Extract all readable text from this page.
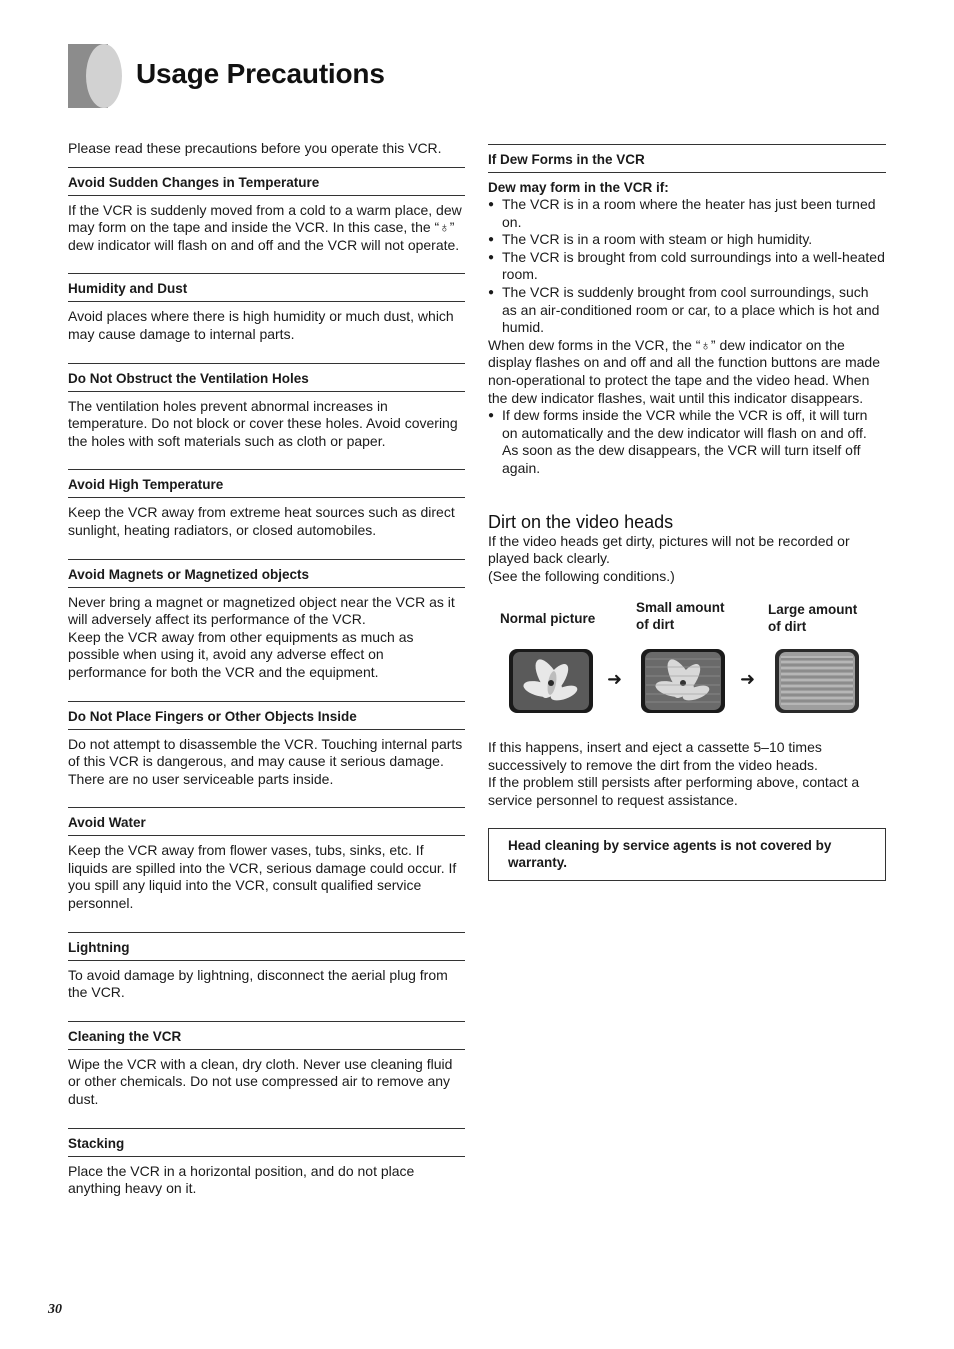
Usage Precautions

Please read these precautions before you operate this VCR.

Avoid Sudden Changes in Temperature

If the VCR is suddenly moved from a cold to a warm place, dew may form on the tape and inside the VCR. In this case, the “♁” dew indicator will flash on and off and the VCR will not operate.

Humidity and Dust

Avoid places where there is high humidity or much dust, which may cause damage to internal parts.

Do Not Obstruct the Ventilation Holes

The ventilation holes prevent abnormal increases in temperature. Do not block or cover these holes. Avoid covering the holes with soft materials such as cloth or paper.

Avoid High Temperature

Keep the VCR away from extreme heat sources such as direct sunlight, heating radiators, or closed automobiles.

Avoid Magnets or Magnetized objects

Never bring a magnet or magnetized object near the VCR as it will adversely affect its performance of the VCR.

Keep the VCR away from other equipments as much as possible when using it, avoid any adverse effect on performance for both the VCR and the equipment.

Do Not Place Fingers or Other Objects Inside

Do not attempt to disassemble the VCR. Touching internal parts of this VCR is dangerous, and may cause it serious damage. There are no user serviceable parts inside.

Avoid Water

Keep the VCR away from flower vases, tubs, sinks, etc. If liquids are spilled into the VCR, serious damage could occur. If you spill any liquid into the VCR, consult qualified service personnel.

Lightning

To avoid damage by lightning, disconnect the aerial plug from the VCR.

Cleaning the VCR

Wipe the VCR with a clean, dry cloth. Never use cleaning fluid or other chemicals. Do not use compressed air to remove any dust.

Stacking

Place the VCR in a horizontal position, and do not place anything heavy on it.

If Dew Forms in the VCR
Dew may form in the VCR if:
● The VCR is in a room where the heater has just been turned on.
● The VCR is in a room with steam or high humidity.
● The VCR is brought from cold surroundings into a well-heated room.
● The VCR is suddenly brought from cool surroundings, such as an air-conditioned room or car, to a place which is hot and humid.

When dew forms in the VCR, the “♁” dew indicator on the display flashes on and off and all the function buttons are made non-operational to protect the tape and the video head. When the dew indicator flashes, wait until this indicator disappears.

● If dew forms inside the VCR while the VCR is off, it will turn on automatically and the dew indicator will flash on and off. As soon as the dew disappears, the VCR will turn itself off again.
Dirt on the video heads

If the video heads get dirty, pictures will not be recorded or played back clearly.

(See the following conditions.)

Normal picture
Small amount
of dirt
Large amount
of dirt
➜	➜

If this happens, insert and eject a cassette 5–10 times successively to remove the dirt from the video heads.

If the problem still persists after performing above, contact a service personnel to request assistance.

Head cleaning by service agents is not covered by warranty.
30
